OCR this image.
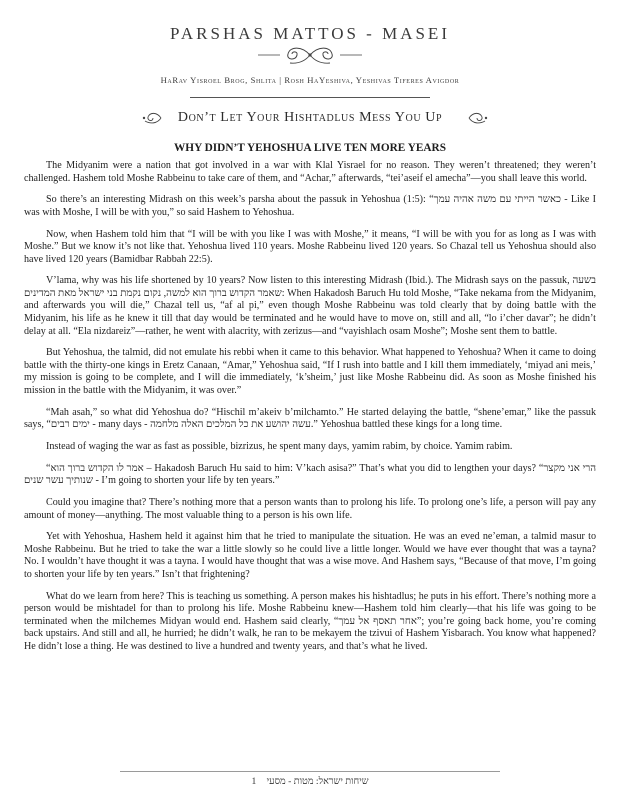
PARSHAS MATTOS - MASEI
HaRav Yisroel Brog, Shlita | Rosh HaYeshiva, Yeshivas Tiferes Avigdor
Don’t Let Your Hishtadlus Mess You Up
WHY DIDN’T YEHOSHUA LIVE TEN MORE YEARS

The Midyanim were a nation that got involved in a war with Klal Yisrael for no reason. They weren’t threatened; they weren’t challenged. Hashem told Moshe Rabbeinu to take care of them, and “Achar,” afterwards, “tei’aseif el amecha”—you shall leave this world.

So there’s an interesting Midrash on this week’s parsha about the passuk in Yehoshua (1:5): “כאשר הייתי עם משה אהיה עמך - Like I was with Moshe, I will be with you,” so said Hashem to Yehoshua.

Now, when Hashem told him that “I will be with you like I was with Moshe,” it means, “I will be with you for as long as I was with Moshe.” But we know it’s not like that. Yehoshua lived 110 years. Moshe Rabbeinu lived 120 years. So Chazal tell us Yehoshua should also have lived 120 years (Bamidbar Rabbah 22:5).

V’lama, why was his life shortened by 10 years? Now listen to this interesting Midrash (Ibid.). The Midrash says on the passuk, בשעה שאמר הקדוש ברוך הוא למשה, נקום נקמת בני ישראל מאת המדינים: When Hakadosh Baruch Hu told Moshe, “Take nekama from the Midyanim, and afterwards you will die,” Chazal tell us, “af al pi,” even though Moshe Rabbeinu was told clearly that by doing battle with the Midyanim, his life as he knew it till that day would be terminated and he would have to move on, still and all, “lo i’cher davar”; he didn’t delay at all. “Ela nizdareiz”—rather, he went with alacrity, with zerizus—and “vayishlach osam Moshe”; Moshe sent them to battle.

But Yehoshua, the talmid, did not emulate his rebbi when it came to this behavior. What happened to Yehoshua? When it came to doing battle with the thirty-one kings in Eretz Canaan, “Amar,” Yehoshua said, “If I rush into battle and I kill them immediately, ‘miyad ani meis,’ my mission is going to be complete, and I will die immediately, ‘k’sheim,’ just like Moshe Rabbeinu did. As soon as Moshe finished his mission in the battle with the Midyanim, it was over.”

“Mah asah,” so what did Yehoshua do? “Hischil m’akeiv b’milchamto.” He started delaying the battle, “shene’emar,” like the passuk says, “ימים רבים - many days - עשה יהושע את כל המלכים האלה מלחמה.” Yehoshua battled these kings for a long time.

Instead of waging the war as fast as possible, bizrizus, he spent many days, yamim rabim, by choice. Yamim rabim.

“אמר לו הקדוש ברוך הוא – Hakadosh Baruch Hu said to him: V’kach asisa?” That’s what you did to lengthen your days? “הרי אני מקצר שנותיך עשר שנים - I’m going to shorten your life by ten years.”

Could you imagine that? There’s nothing more that a person wants than to prolong his life. To prolong one’s life, a person will pay any amount of money—anything. The most valuable thing to a person is his own life.

Yet with Yehoshua, Hashem held it against him that he tried to manipulate the situation. He was an eved ne’eman, a talmid masur to Moshe Rabbeinu. But he tried to take the war a little slowly so he could live a little longer. Would we have ever thought that was a tayna? No. I wouldn’t have thought it was a tayna. I would have thought that was a wise move. And Hashem says, “Because of that move, I’m going to shorten your life by ten years.” Isn’t that frightening?

What do we learn from here? This is teaching us something. A person makes his hishtadlus; he puts in his effort. There’s nothing more a person would be mishtadel for than to prolong his life. Moshe Rabbeinu knew—Hashem told him clearly—that his life was going to be terminated when the milchemes Midyan would end. Hashem said clearly, “אחר תאסף אל עמך”; you’re going back home, you’re coming back upstairs. And still and all, he hurried; he didn’t walk, he ran to be mekayem the tzivui of Hashem Yisbarach. You know what happened? He didn’t lose a thing. He was destined to live a hundred and twenty years, and that’s what he lived.

1 שיחות ישראל: מטות - מסעי
